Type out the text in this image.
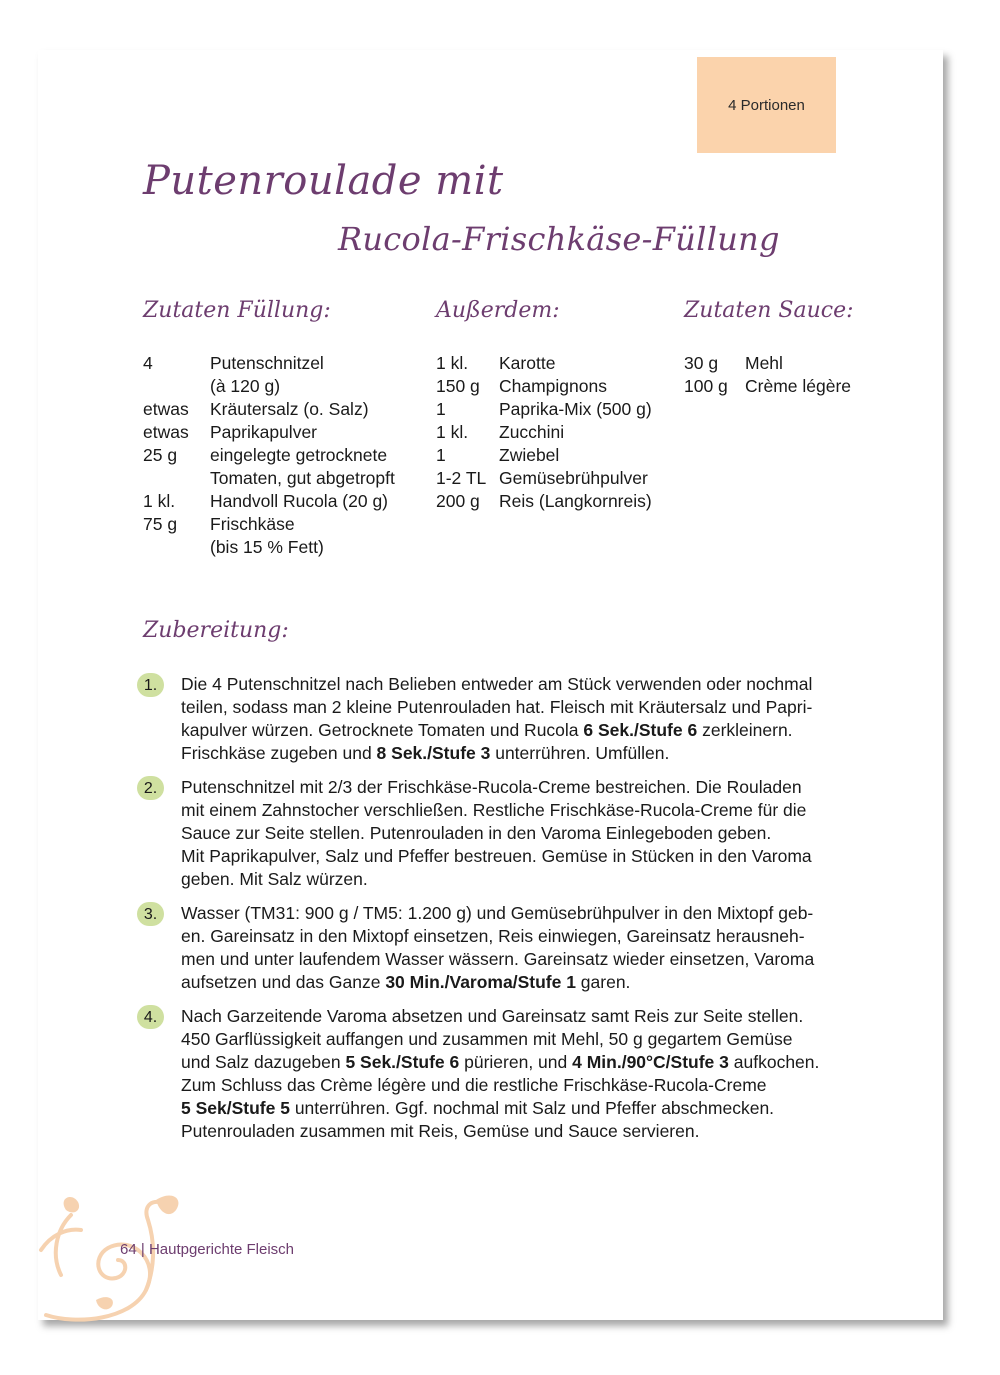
4 Portionen
Putenroulade mit
Rucola-Frischkäse-Füllung
Zutaten Füllung:	Außerdem:	Zutaten Sauce:
4	Putenschnitzel
(à 120 g)
etwas	Kräutersalz (o. Salz)
etwas	Paprikapulver
25 g	eingelegte getrocknete
Tomaten, gut abgetropft
1 kl.	Handvoll Rucola (20 g)
75 g	Frischkäse
(bis 15 % Fett)
1 kl.	Karotte
150 g	Champignons
1	Paprika-Mix (500 g)
1 kl.	Zucchini
1	Zwiebel
1-2 TL Gemüsebrühpulver
200 g	Reis (Langkornreis)
30 g	Mehl
100 g Crème légère
Zubereitung:
1.	Die 4 Putenschnitzel nach Belieben entweder am Stück verwenden oder nochmal
teilen, sodass man 2 kleine Putenrouladen hat. Fleisch mit Kräutersalz und Papri-
kapulver würzen. Getrocknete Tomaten und Rucola 6 Sek./Stufe 6 zerkleinern.
Frischkäse zugeben und 8 Sek./Stufe 3 unterrühren. Umfüllen.
2.	Putenschnitzel mit 2/3 der Frischkäse-Rucola-Creme bestreichen. Die Rouladen
mit einem Zahnstocher verschließen. Restliche Frischkäse-Rucola-Creme für die
Sauce zur Seite stellen. Putenrouladen in den Varoma Einlegeboden geben.
Mit Paprikapulver, Salz und Pfeffer bestreuen. Gemüse in Stücken in den Varoma
geben. Mit Salz würzen.
3.	Wasser (TM31: 900 g / TM5: 1.200 g) und Gemüsebrühpulver in den Mixtopf geb-
en. Gareinsatz in den Mixtopf einsetzen, Reis einwiegen, Gareinsatz herausneh-
men und unter laufendem Wasser wässern. Gareinsatz wieder einsetzen, Varoma
aufsetzen und das Ganze 30 Min./Varoma/Stufe 1 garen.
4.	Nach Garzeitende Varoma absetzen und Gareinsatz samt Reis zur Seite stellen.
450 Garflüssigkeit auffangen und zusammen mit Mehl, 50 g gegartem Gemüse
und Salz dazugeben 5 Sek./Stufe 6 pürieren, und 4 Min./90°C/Stufe 3 aufkochen.
Zum Schluss das Crème légère und die restliche Frischkäse-Rucola-Creme
5 Sek/Stufe 5 unterrühren. Ggf. nochmal mit Salz und Pfeffer abschmecken.
Putenrouladen zusammen mit Reis, Gemüse und Sauce servieren.
64 | Hautpgerichte Fleisch
